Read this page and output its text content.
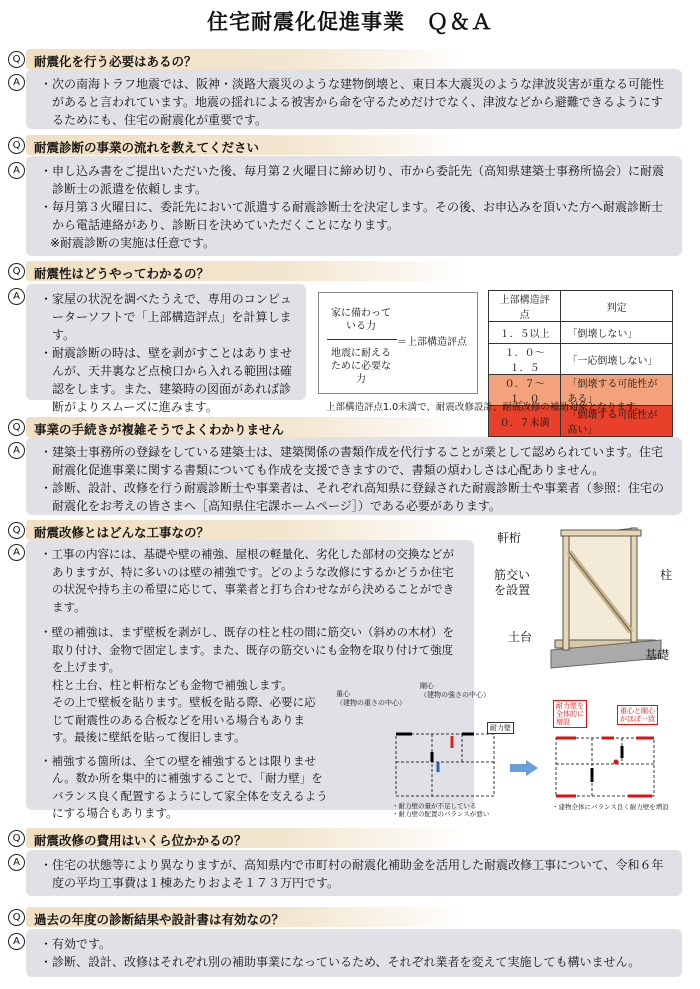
住宅耐震化促進事業　Ｑ＆Ａ
Q	耐震化を行う必要はあるの？
A	・次の南海トラフ地震では、阪神・淡路大震災のような建物倒壊と、東日本大震災のような津波災害が重なる可能性があると言われています。地震の揺れによる被害から命を守るためだけでなく、津波などから避難できるようにするためにも、住宅の耐震化が重要です。

Q	耐震診断の事業の流れを教えてください
A	・申し込み書をご提出いただいた後、毎月第２火曜日に締め切り、市から委託先（高知県建築士事務所協会）に耐震診断士の派遣を依頼します。

・毎月第３火曜日に、委託先において派遣する耐震診断士を決定します。その後、お申込みを頂いた方へ耐震診断士から電話連絡があり、診断日を決めていただくことになります。

※耐震診断の実施は任意です。

Q	耐震性はどうやってわかるの？
A	・家屋の状況を調べたうえで、専用のコンピューターソフトで「上部構造評点」を計算します。

・耐震診断の時は、壁を剥がすことはありませんが、天井裏など点検口から入れる範囲は確認をします。また、建築時の図面があれば診断がよりスムーズに進みます。

家に備わっている力
地震に耐えるために必要な力
＝上部構造評点
上部構造評点	判定
１．５以上	「倒壊しない」
１．０～１．５	「一応倒壊しない」
０．７～１．０	「倒壊する可能性がある」
０．７未満	「倒壊する可能性が高い」
上部構造評点1.0未満で、耐震改修設計、耐震改修の補助対象となります。
Q	事業の手続きが複雑そうでよくわかりません
A	・建築士事務所の登録をしている建築士は、建築関係の書類作成を代行することが業として認められています。住宅耐震化促進事業に関する書類についても作成を支援できますので、書類の煩わしさは心配ありません。

・診断、設計、改修を行う耐震診断士や事業者は、それぞれ高知県に登録された耐震診断士や事業者（参照：住宅の耐震化をお考えの皆さまへ［高知県住宅課ホームページ］）である必要があります。

Q	耐震改修とはどんな工事なの？
A	・工事の内容には、基礎や壁の補強、屋根の軽量化、劣化した部材の交換などがありますが、特に多いのは壁の補強です。どのような改修にするかどうか住宅の状況や持ち主の希望に応じて、事業者と打ち合わせながら決めることができます。

・壁の補強は、まず壁板を剥がし、既存の柱と柱の間に筋交い（斜めの木材）を取り付け、金物で固定します。また、既存の筋交いにも金物を取り付けて強度を上げます。

柱と土台、柱と軒桁なども金物で補強します。

その上で壁板を貼ります。壁板を貼る際、必要に応じて耐震性のある合板などを用いる場合もあります。最後に壁紙を貼って復旧します。

・補強する箇所は、全ての壁を補強するとは限りません。数か所を集中的に補強することで、「耐力壁」をバランス良く配置するようにして家全体を支えるようにする場合もあります。

軒桁
筋交い
を設置
柱
土台
基礎
重心
（建物の重さの中心）
剛心
（建物の強さの中心）
耐力壁
耐力壁を
全体的に
増設
重心と剛心
がほぼ一致
・耐力壁の量が不足している
・耐力壁の配置のバランスが悪い
・建物全体にバランス良く耐力壁を増設
Q	耐震改修の費用はいくら位かかるの？
A	・住宅の状態等により異なりますが、高知県内で市町村の耐震化補助金を活用した耐震改修工事について、令和６年度の平均工事費は１棟あたりおよそ１７３万円です。

Q	過去の年度の診断結果や設計書は有効なの？
A	・有効です。

・診断、設計、改修はそれぞれ別の補助事業になっているため、それぞれ業者を変えて実施しても構いません。
